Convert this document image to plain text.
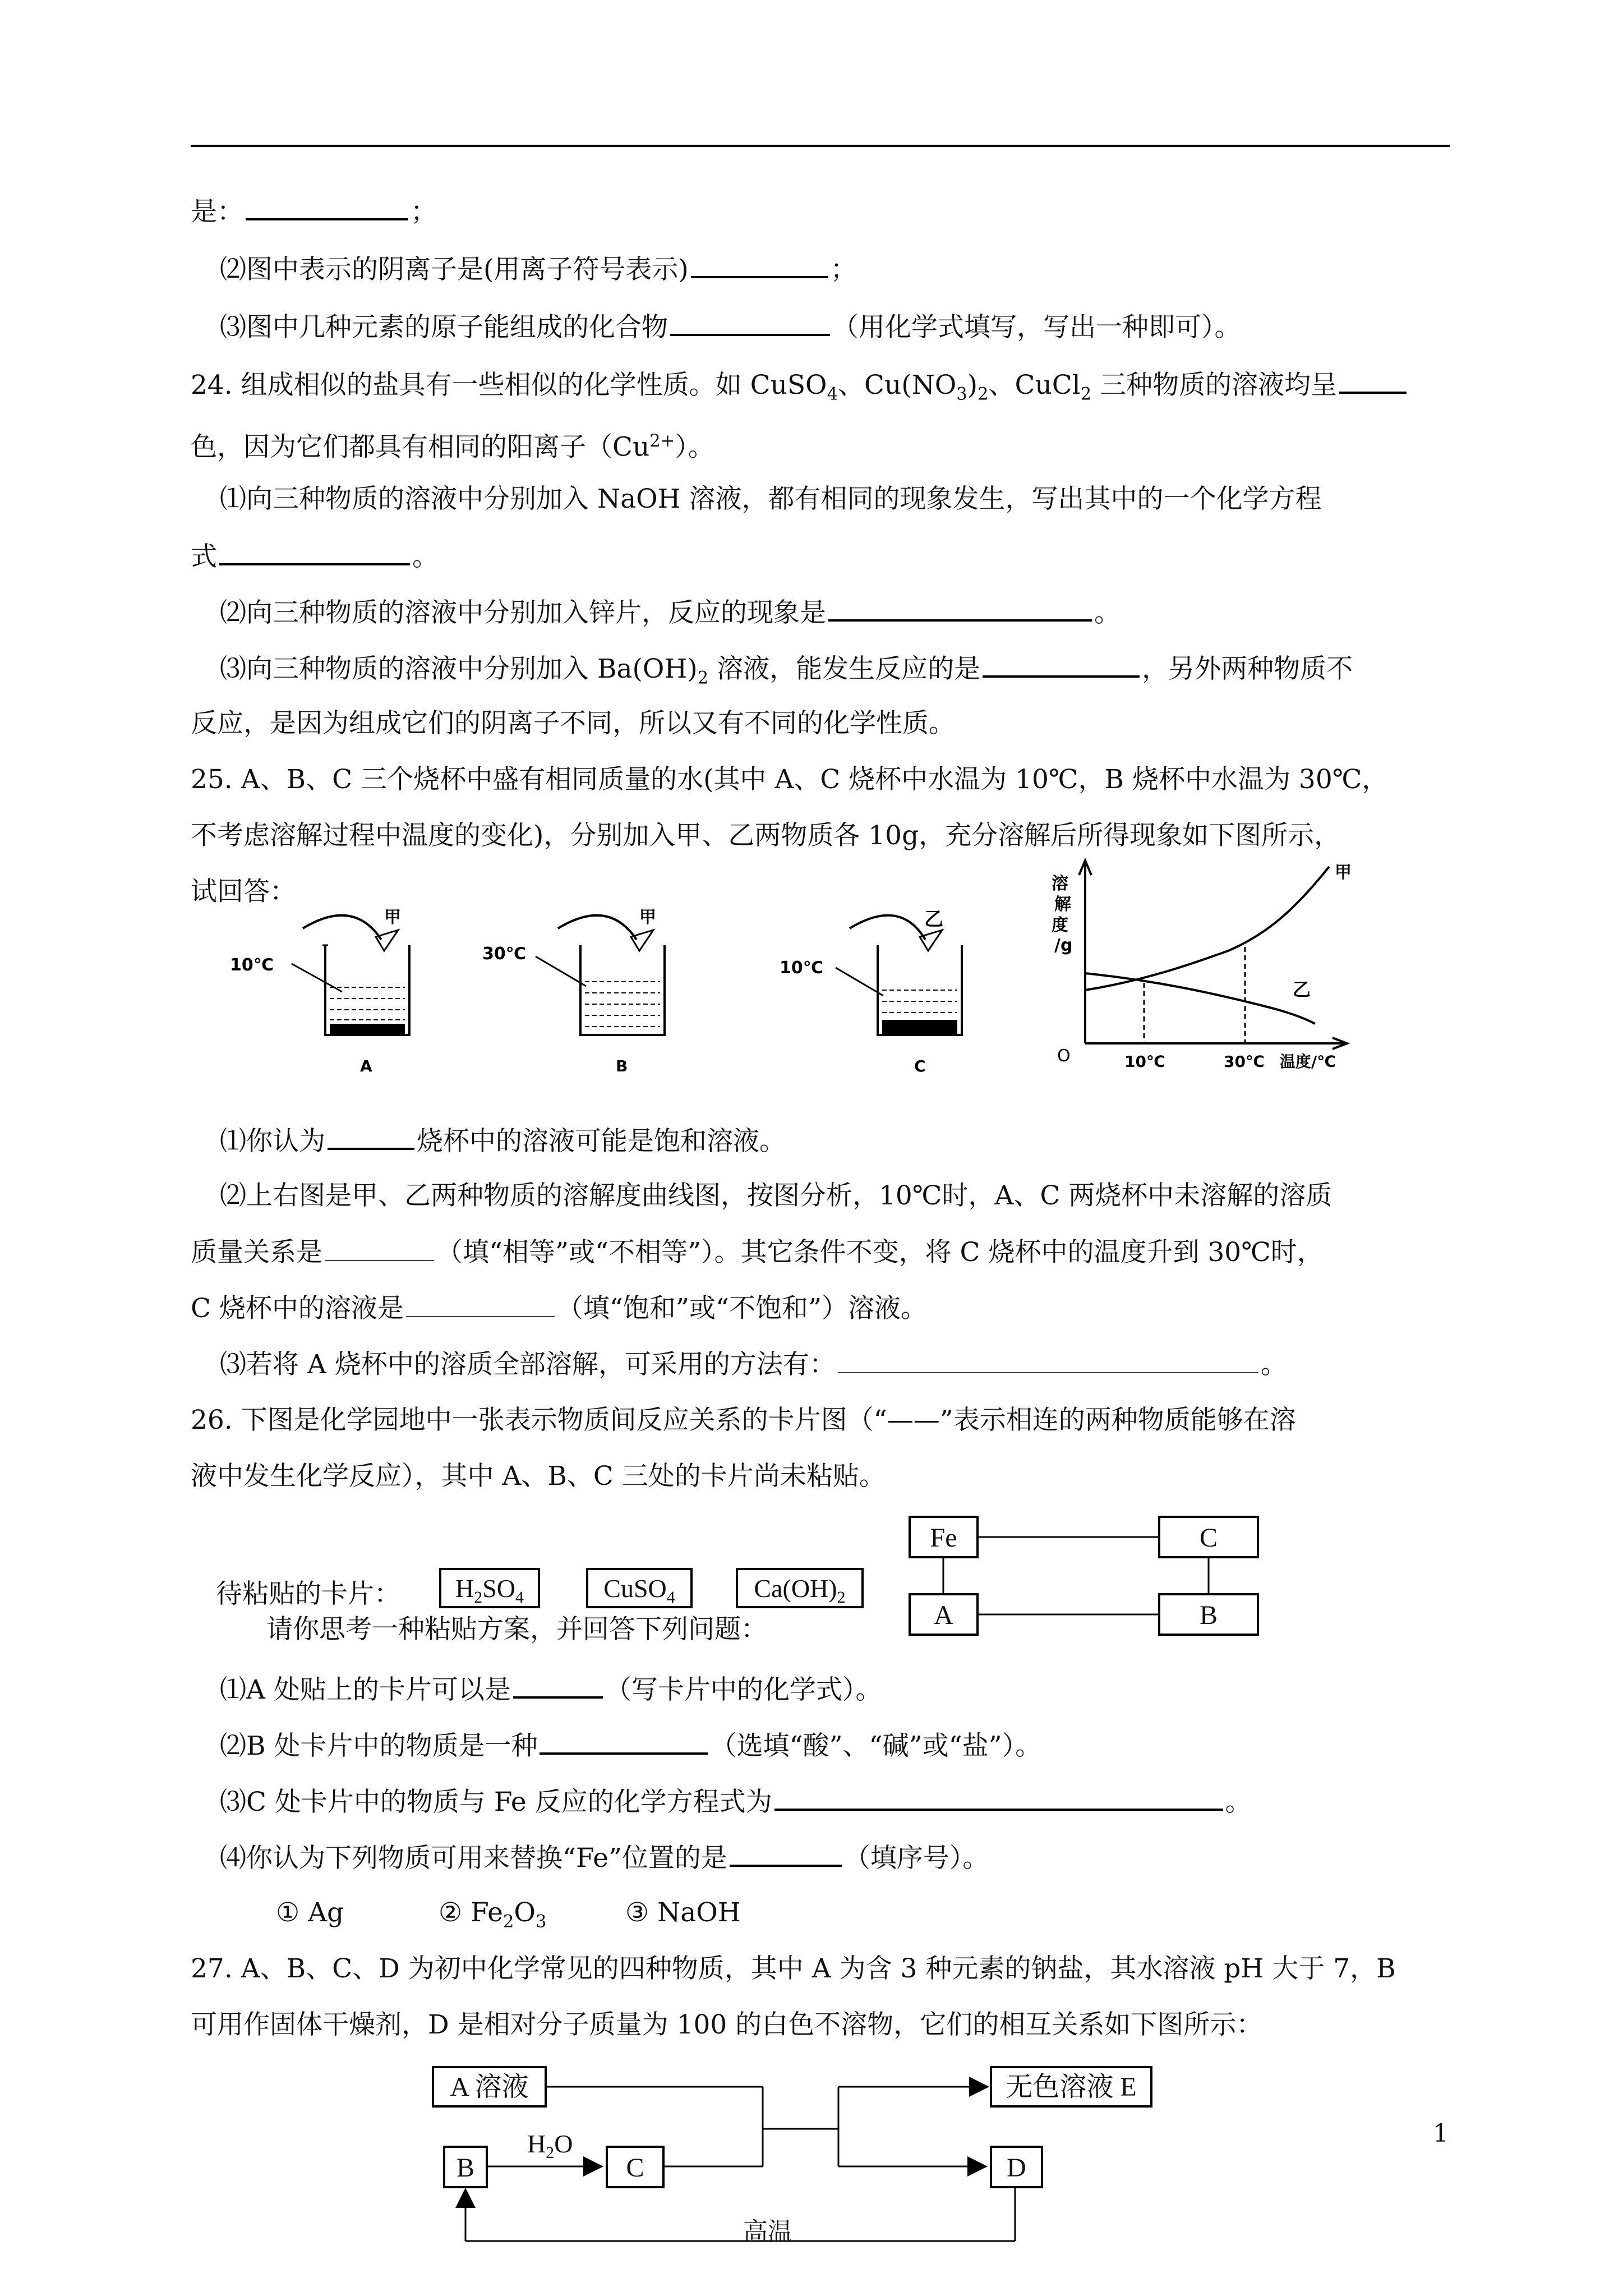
是：	；
⑵图中表示的阴离子是(用离子符号表示)	；
⑶图中几种元素的原子能组成的化合物	（用化学式填写，写出一种即可）。
24. 组成相似的盐具有一些相似的化学性质。如 CuSO$_4$、$Cu(NO_3)_2$、CuCl$_2$ 三种物质的溶液均呈
色，因为它们都具有相同的阳离子$(Cu^{2+})$。
⑴向三种物质的溶液中分别加入 NaOH 溶液，都有相同的现象发生，写出其中的一个化学方程
式	。
⑵向三种物质的溶液中分别加入锌片，反应的现象是	。
⑶向三种物质的溶液中分别加入 $Ba(OH)_2$ 溶液，能发生反应的是	，另外两种物质不
反应，是因为组成它们的阴离子不同，所以又有不同的化学性质。
25. A、B、C 三个烧杯中盛有相同质量的水(其中 A、C 烧杯中水温为 10℃，B 烧杯中水温为 30℃，
不考虑溶解过程中温度的变化)，分别加入甲、乙两物质各 10g，充分溶解后所得现象如下图所示，
试回答：
10℃
甲
A
30℃
甲
B
10℃
乙
C
溶
解
度
/g
O
甲
乙
10℃	30℃ 温度/℃
⑴你认为	烧杯中的溶液可能是饱和溶液。
⑵上右图是甲、乙两种物质的溶解度曲线图，按图分析，10℃时，A、C 两烧杯中未溶解的溶质
质量关系是	（填“相等”或“不相等”）。其它条件不变，将 C 烧杯中的温度升到 30℃时，
C 烧杯中的溶液是	（填“饱和”或“不饱和”）溶液。
⑶若将 A 烧杯中的溶质全部溶解，可采用的方法有：	。
26. 下图是化学园地中一张表示物质间反应关系的卡片图（“——”表示相连的两种物质能够在溶
液中发生化学反应），其中 A、B、C 三处的卡片尚未粘贴。
Fe	C
A	B
待粘贴的卡片：	$H_2SO_4$	CuSO$_4$	$Ca(OH)_2$
请你思考一种粘贴方案，并回答下列问题：
⑴A 处贴上的卡片可以是	（写卡片中的化学式）。
⑵B 处卡片中的物质是一种	（选填“酸”、“碱”或“盐”）。
⑶C 处卡片中的物质与 Fe 反应的化学方程式为	。
⑷你认为下列物质可用来替换“Fe”位置的是	（填序号）。
① Ag	② $Fe_2O_3$	③ NaOH
27. A、B、C、D 为初中化学常见的四种物质，其中 A 为含 3 种元素的钠盐，其水溶液 pH 大于 7，B
可用作固体干燥剂，D 是相对分子质量为 100 的白色不溶物，它们的相互关系如下图所示：
A 溶液	无色溶液 E
B	C	D
$H_2O$
高温
1
